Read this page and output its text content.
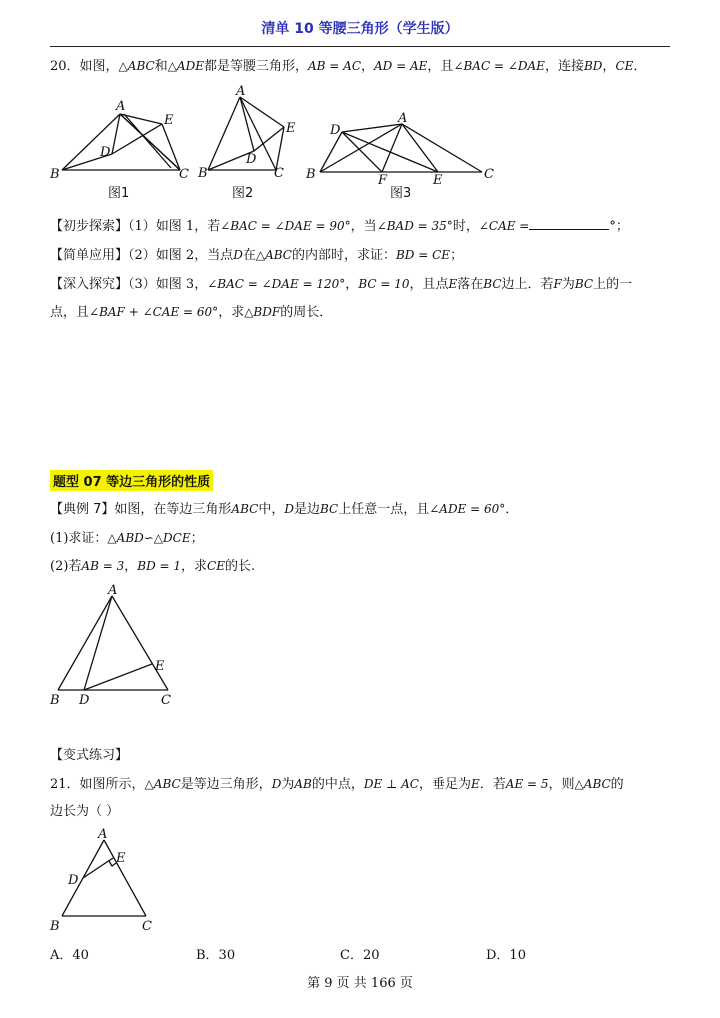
清单 10 等腰三角形（学生版）
20．如图，△ABC和△ADE都是等腰三角形，AB = AC，AD = AE，且∠BAC = ∠DAE，连接BD，CE．
A
E
D
B	C
图1
A
E
D
B	C
图2
A
D
B	F	E	C
图3
【初步探索】（1）如图 1，若∠BAC = ∠DAE = 90°，当∠BAD = 35°时，∠CAE =	°；
【简单应用】（2）如图 2，当点D在△ABC的内部时，求证：BD = CE；
【深入探究】（3）如图 3，∠BAC = ∠DAE = 120°，BC = 10，且点E落在BC边上．若F为BC上的一
点，且∠BAF + ∠CAE = 60°，求△BDF的周长．
题型 07 等边三角形的性质
【典例 7】如图，在等边三角形ABC中，D是边BC上任意一点，且∠ADE = 60°．
(1)求证：△ABD∽△DCE；
(2)若AB = 3，BD = 1，求CE的长.
A
E
B D	C
【变式练习】
21．如图所示，△ABC是等边三角形，D为AB的中点，DE ⊥ AC，垂足为E．若AE = 5，则△ABC的
边长为（ ）
A
E
D
B	C
A．40	B．30	C．20	D．10
第 9 页 共 166 页
